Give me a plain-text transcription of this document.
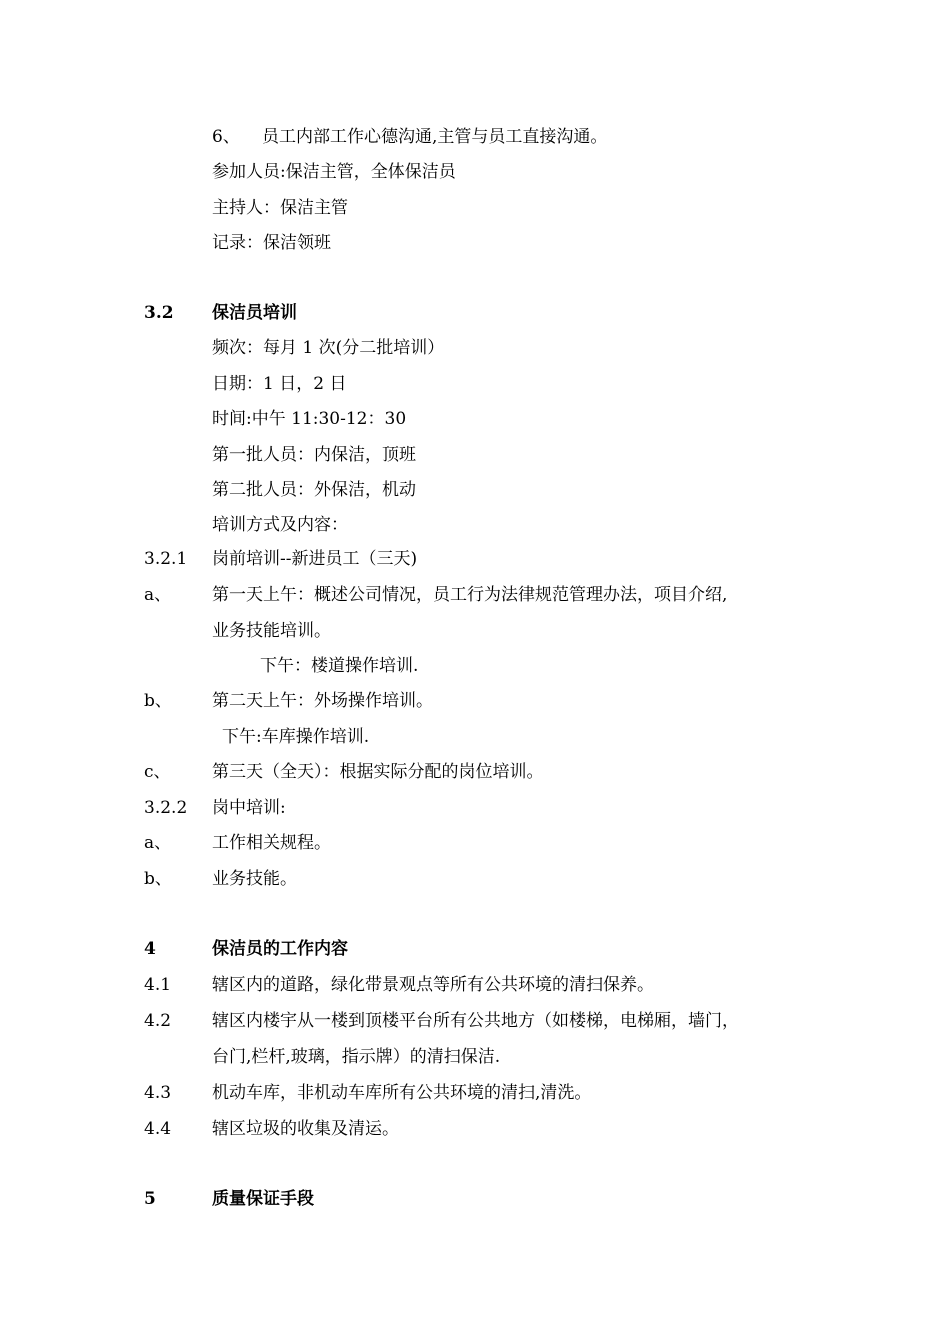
6、 员工内部工作心德沟通,主管与员工直接沟通。
参加人员:保洁主管，全体保洁员
主持人：保洁主管
记录：保洁领班
3.2 保洁员培训
频次：每月 1 次(分二批培训）
日期：1 日，2 日
时间:中午 11:30-12：30
第一批人员：内保洁，顶班
第二批人员：外保洁，机动
培训方式及内容：
3.2.1 岗前培训--新进员工（三天)
a、 第一天上午：概述公司情况，员工行为法律规范管理办法，项目介绍,
业务技能培训。
下午：楼道操作培训.
b、 第二天上午：外场操作培训。
下午:车库操作培训.
c、 第三天（全天）：根据实际分配的岗位培训。
3.2.2 岗中培训:
a、 工作相关规程。
b、 业务技能。
4	保洁员的工作内容
4.1 辖区内的道路，绿化带景观点等所有公共环境的清扫保养。
4.2 辖区内楼宇从一楼到顶楼平台所有公共地方（如楼梯，电梯厢，墙门，
台门,栏杆,玻璃，指示牌）的清扫保洁.
4.3 机动车库，非机动车库所有公共环境的清扫,清洗。
4.4 辖区垃圾的收集及清运。
5	质量保证手段
